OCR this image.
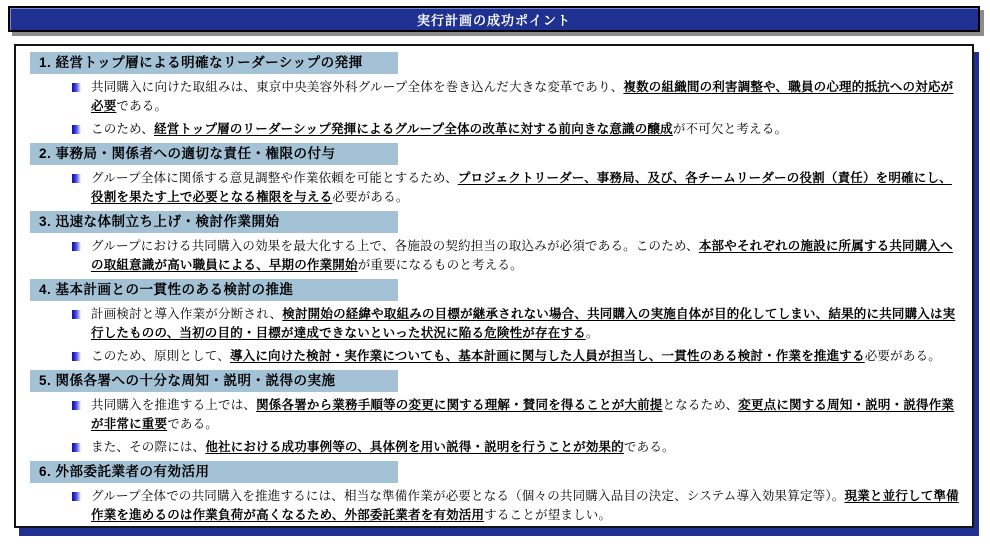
実行計画の成功ポイント
1. 経営トップ層による明確なリーダーシップの発揮
共同購入に向けた取組みは、東京中央美容外科グループ全体を巻き込んだ大きな変革であり、複数の組織間の利害調整や、職員の心理的抵抗への対応が必要である。
このため、経営トップ層のリーダーシップ発揮によるグループ全体の改革に対する前向きな意識の醸成が不可欠と考える。
2. 事務局・関係者への適切な責任・権限の付与
グループ全体に関係する意見調整や作業依頼を可能とするため、プロジェクトリーダー、事務局、及び、各チームリーダーの役割（責任）を明確にし、役割を果たす上で必要となる権限を与える必要がある。
3. 迅速な体制立ち上げ・検討作業開始
グループにおける共同購入の効果を最大化する上で、各施設の契約担当の取込みが必須である。このため、本部やそれぞれの施設に所属する共同購入への取組意識が高い職員による、早期の作業開始が重要になるものと考える。
4. 基本計画との一貫性のある検討の推進
計画検討と導入作業が分断され、検討開始の経緯や取組みの目標が継承されない場合、共同購入の実施自体が目的化してしまい、結果的に共同購入は実行したものの、当初の目的・目標が達成できないといった状況に陥る危険性が存在する。
このため、原則として、導入に向けた検討・実作業についても、基本計画に関与した人員が担当し、一貫性のある検討・作業を推進する必要がある。
5. 関係各署への十分な周知・説明・説得の実施
共同購入を推進する上では、関係各署から業務手順等の変更に関する理解・賛同を得ることが大前提となるため、変更点に関する周知・説明・説得作業が非常に重要である。
また、その際には、他社における成功事例等の、具体例を用い説得・説明を行うことが効果的である。
6. 外部委託業者の有効活用
グループ全体での共同購入を推進するには、相当な準備作業が必要となる（個々の共同購入品目の決定、システム導入効果算定等）。現業と並行して準備作業を進めるのは作業負荷が高くなるため、外部委託業者を有効活用することが望ましい。
